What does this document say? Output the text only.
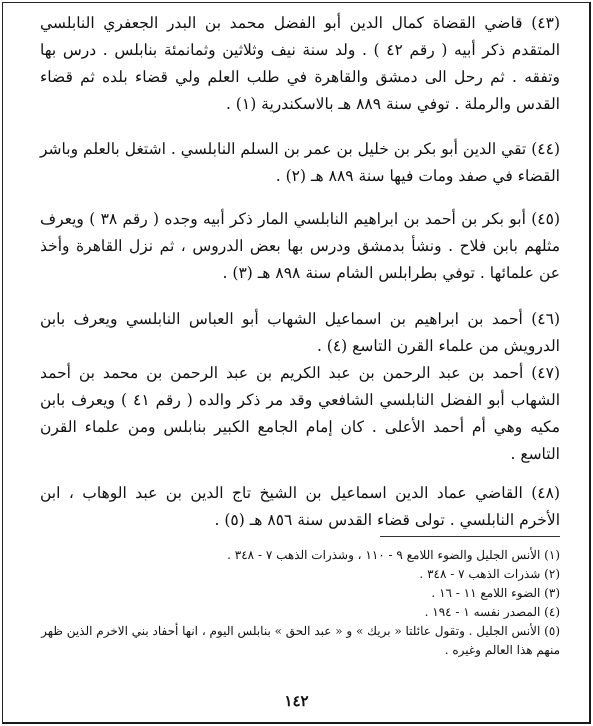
(٤٣) قاضي القضاة كمال الدين أبو الفضل محمد بن البدر الجعفري النابلسي المتقدم ذكر أبيه ( رقم ٤٢ ) . ولد سنة نيف وثلاثين وثمانمئة بنابلس . درس بها وتفقه . ثم رحل الى دمشق والقاهرة في طلب العلم ولي قضاء بلده ثم قضاء القدس والرملة . توفي سنة ٨٨٩ هـ بالاسكندرية (١) .

(٤٤) تقي الدين أبو بكر بن خليل بن عمر بن السلم النابلسي . اشتغل بالعلم وباشر القضاء في صفد ومات فيها سنة ٨٨٩ هـ (٢) .

(٤٥) أبو بكر بن أحمد بن ابراهيم النابلسي المار ذكر أبيه وجده ( رقم ٣٨ ) ويعرف مثلهم بابن فلاح . ونشأ بدمشق ودرس بها بعض الدروس ، ثم نزل القاهرة وأخذ عن علمائها . توفي بطرابلس الشام سنة ٨٩٨ هـ (٣) .

(٤٦) أحمد بن ابراهيم بن اسماعيل الشهاب أبو العباس النابلسي ويعرف بابن الدرويش من علماء القرن التاسع (٤) .

(٤٧) أحمد بن عبد الرحمن بن عبد الكريم بن عبد الرحمن بن محمد بن أحمد الشهاب أبو الفضل النابلسي الشافعي وقد مر ذكر والده ( رقم ٤١ ) ويعرف بابن مكيه وهي أم أحمد الأعلى . كان إمام الجامع الكبير بنابلس ومن علماء القرن التاسع .

(٤٨) القاضي عماد الدين اسماعيل بن الشيخ تاج الدين بن عبد الوهاب ، ابن الأخرم النابلسي . تولى قضاء القدس سنة ٨٥٦ هـ (٥) .

(١) الأنس الجليل والضوء اللامع ٩ - ١١٠ ، وشذرات الذهب ٧ - ٣٤٨ .

(٢) شذرات الذهب ٧ - ٣٤٨ .

(٣) الضوء اللامع ١١ - ١٦ .

(٤) المصدر نفسه ١ - ١٩٤ .

(٥) الأنس الجليل . وتقول عائلتا « بريك » و « عبد الحق » بنابلس اليوم ، انها أحفاد بني الاخرم الذين ظهر منهم هذا العالم وغيره .

١٤٢
